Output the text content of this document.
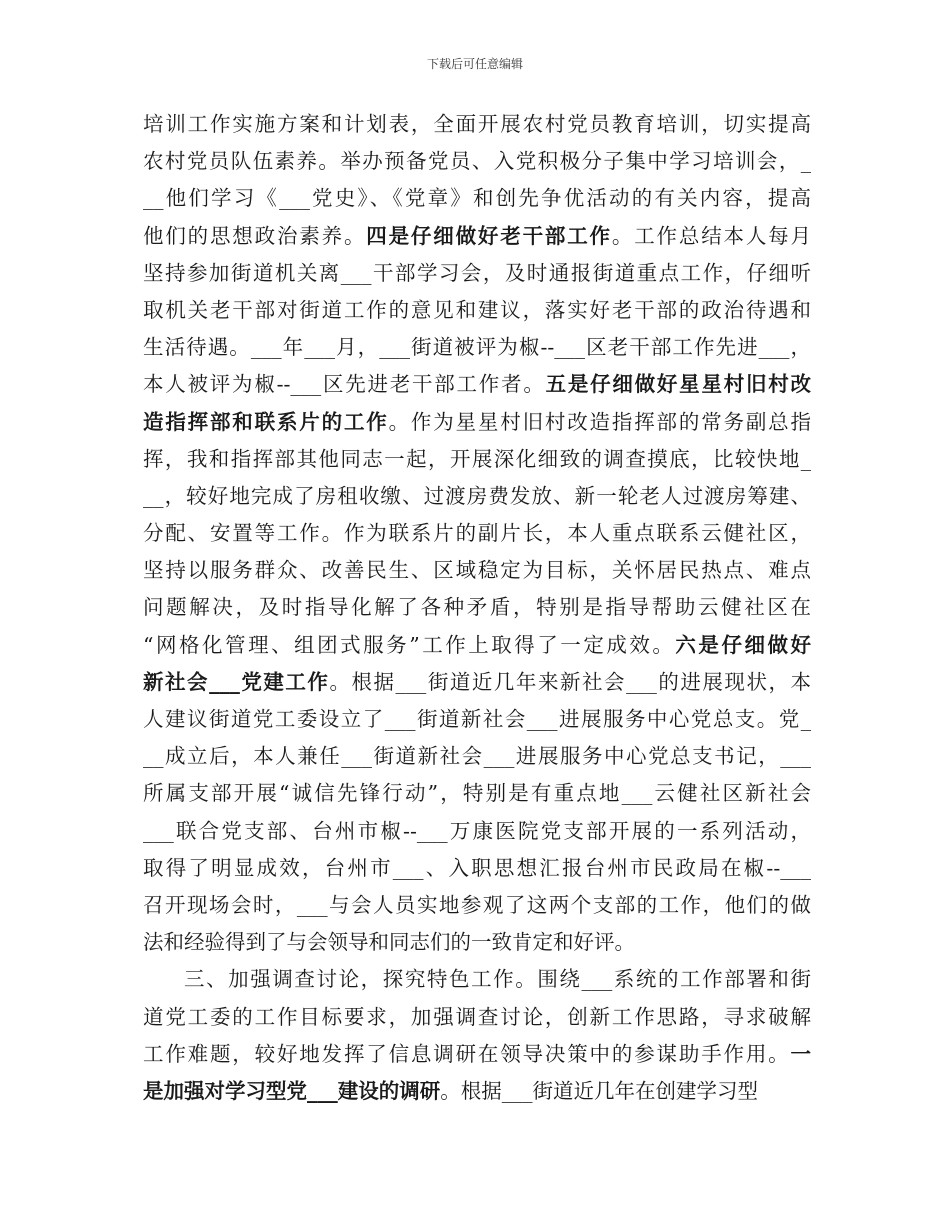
下载后可任意编辑
培训工作实施方案和计划表，全面开展农村党员教育培训，切实提高
农村党员队伍素养。举办预备党员、入党积极分子集中学习培训会，_
__他们学习《___党史》、《党章》和创先争优活动的有关内容，提高
他们的思想政治素养。四是仔细做好老干部工作。工作总结本人每月
坚持参加街道机关离___干部学习会，及时通报街道重点工作，仔细听
取机关老干部对街道工作的意见和建议，落实好老干部的政治待遇和
生活待遇。___年___月，___街道被评为椒--___区老干部工作先进___，
本人被评为椒--___区先进老干部工作者。五是仔细做好星星村旧村改
造指挥部和联系片的工作。作为星星村旧村改造指挥部的常务副总指
挥，我和指挥部其他同志一起，开展深化细致的调查摸底，比较快地_
__，较好地完成了房租收缴、过渡房费发放、新一轮老人过渡房筹建、
分配、安置等工作。作为联系片的副片长，本人重点联系云健社区，
坚持以服务群众、改善民生、区域稳定为目标，关怀居民热点、难点
问题解决，及时指导化解了各种矛盾，特别是指导帮助云健社区在
“网格化管理、组团式服务”工作上取得了一定成效。六是仔细做好
新社会___党建工作。根据___街道近几年来新社会___的进展现状，本
人建议街道党工委设立了___街道新社会___进展服务中心党总支。党_
__成立后，本人兼任___街道新社会___进展服务中心党总支书记，___
所属支部开展“诚信先锋行动”，特别是有重点地___云健社区新社会
___联合党支部、台州市椒--___万康医院党支部开展的一系列活动，
取得了明显成效，台州市___、入职思想汇报台州市民政局在椒--___
召开现场会时，___与会人员实地参观了这两个支部的工作，他们的做
法和经验得到了与会领导和同志们的一致肯定和好评。
三、加强调查讨论，探究特色工作。围绕___系统的工作部署和街
道党工委的工作目标要求，加强调查讨论，创新工作思路，寻求破解
工作难题，较好地发挥了信息调研在领导决策中的参谋助手作用。一
是加强对学习型党___建设的调研。根据___街道近几年在创建学习型
